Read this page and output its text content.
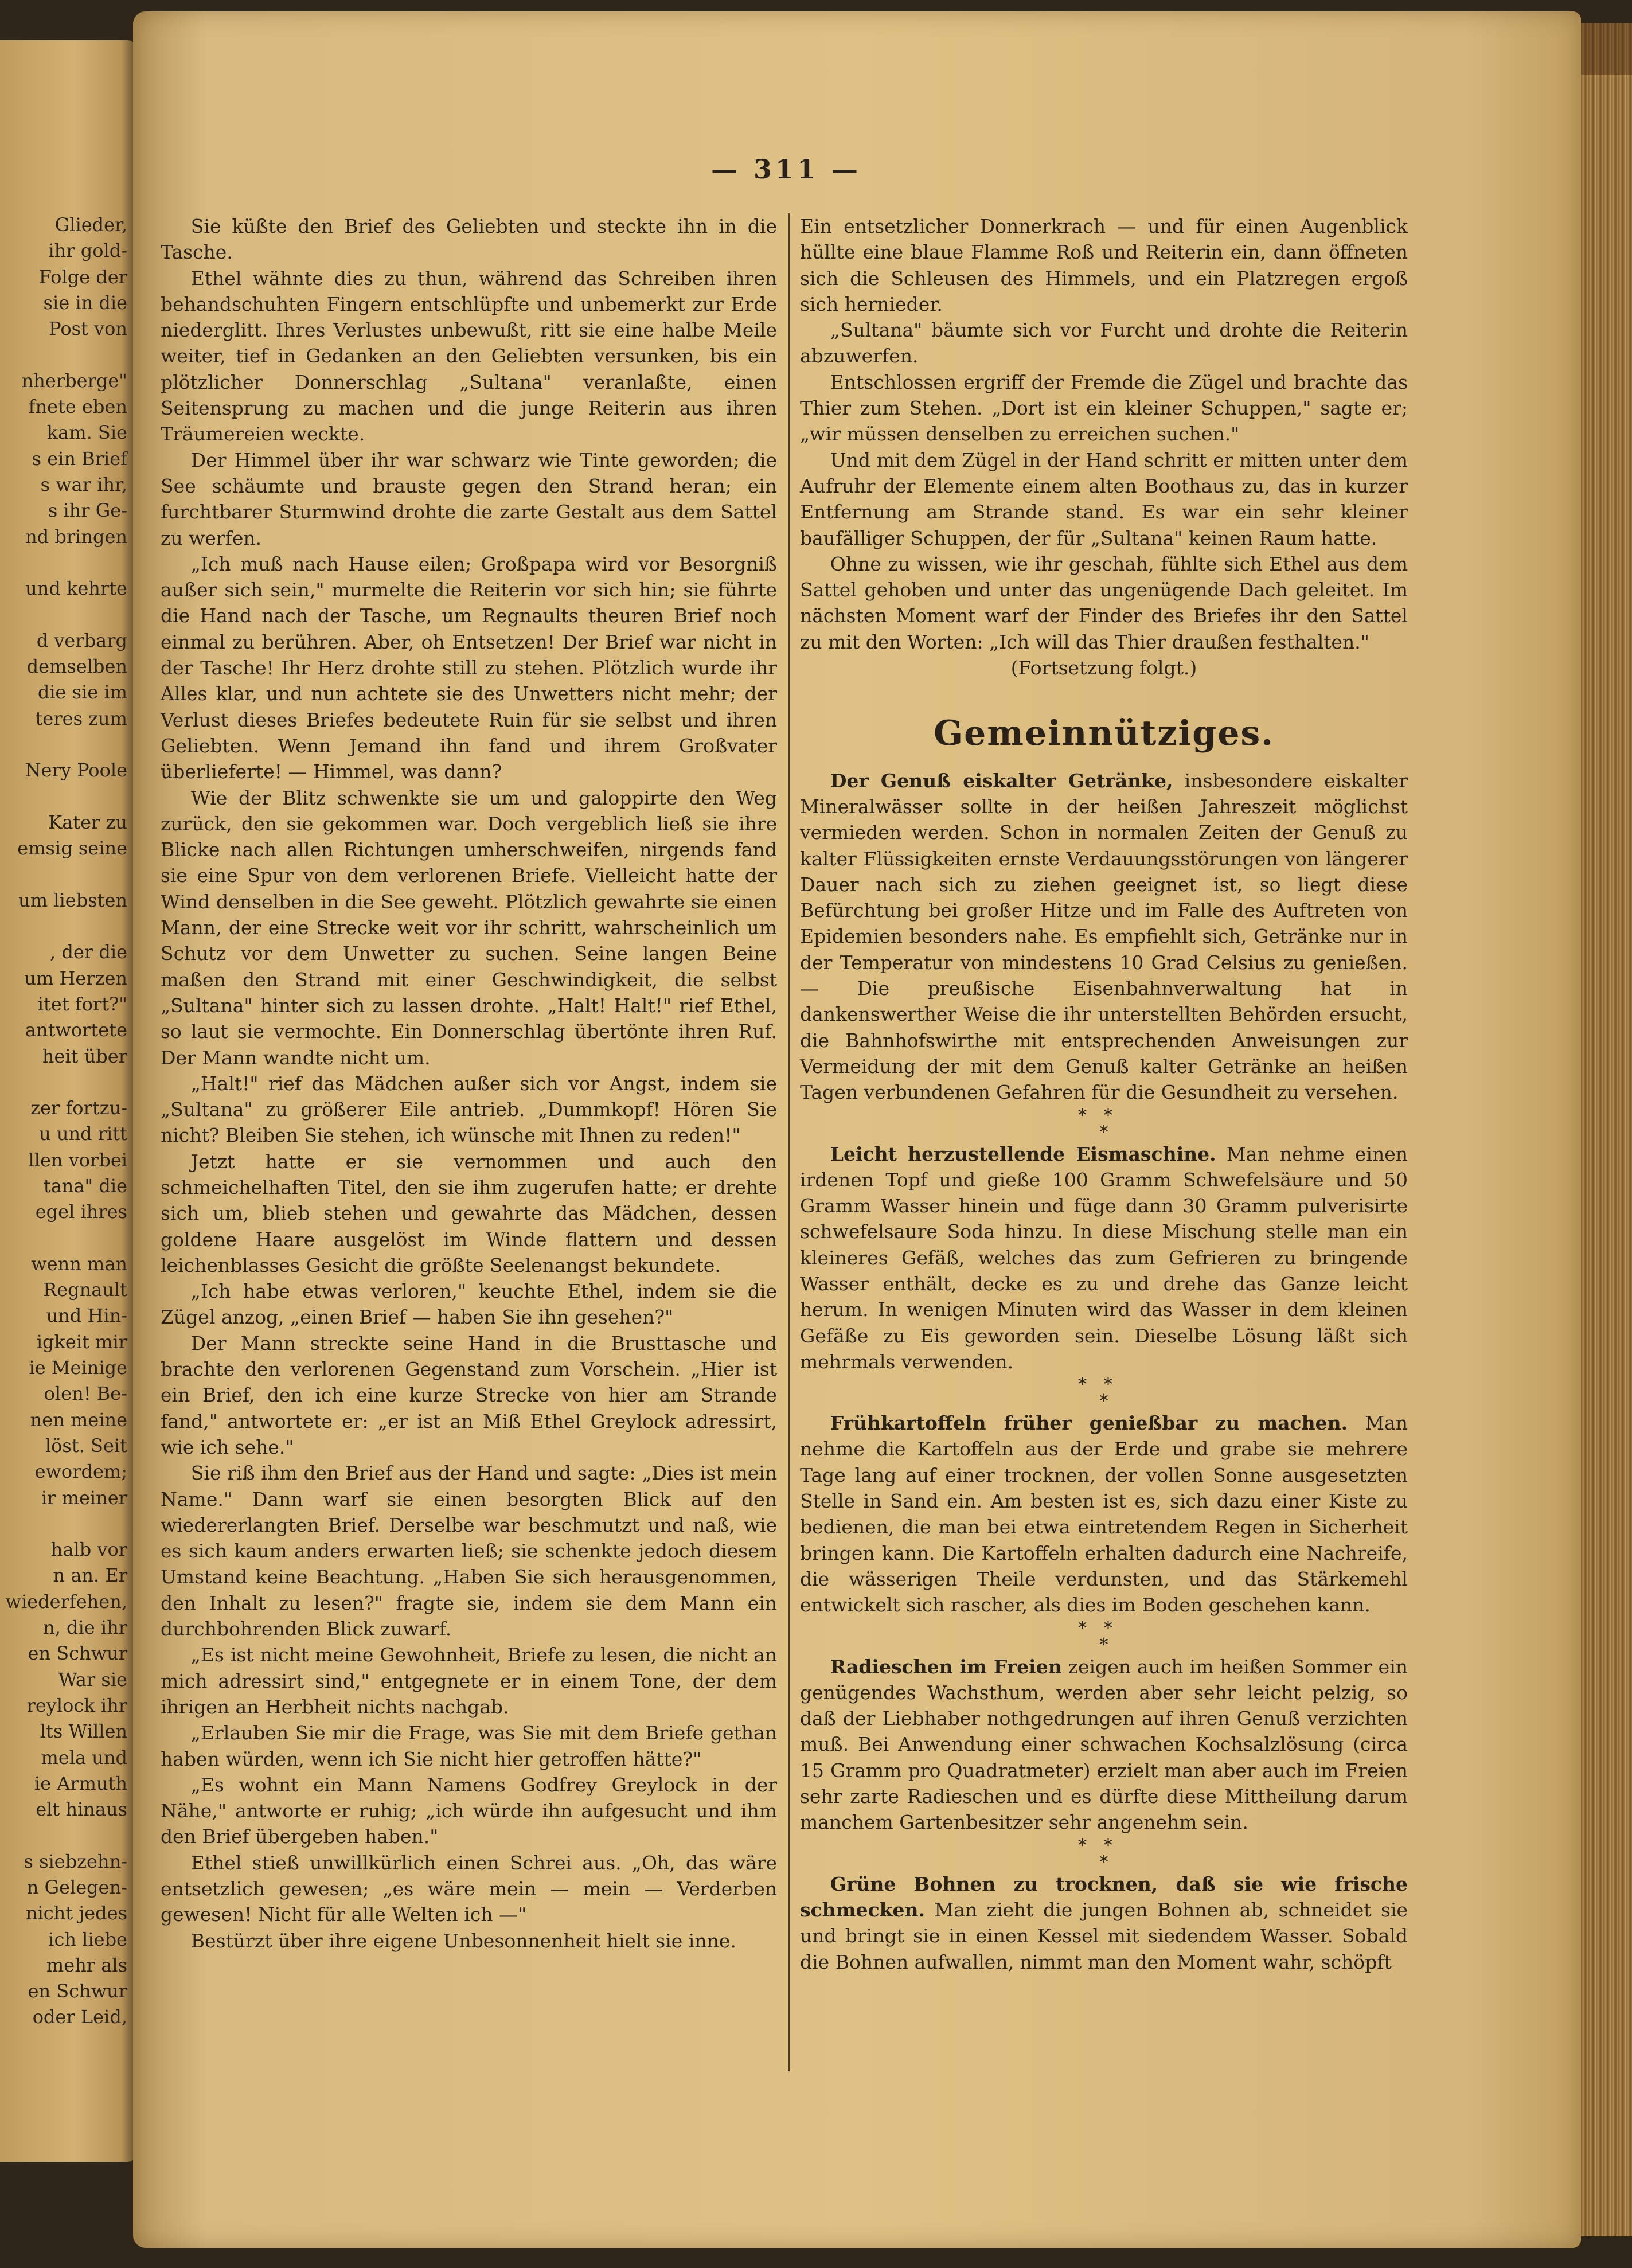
Glieder,
ihr gold-
Folge der
sie in die
Post von

nherberge"
fnete eben
kam. Sie
s ein Brief
s war ihr,
s ihr Ge-
nd bringen

und kehrte

d verbarg
demselben
die sie im
teres zum

Nery Poole

Kater zu
emsig seine

um liebsten

, der die
um Herzen
itet fort?"
antwortete
heit über

zer fortzu-
u und ritt
llen vorbei
tana" die
egel ihres

wenn man
Regnault
und Hin-
igkeit mir
ie Meinige
olen! Be-
nen meine
löst. Seit
ewordem;
ir meiner

halb vor
n an. Er
wiederfehen,
n, die ihr
en Schwur
War sie
reylock ihr
lts Willen
mela und
ie Armuth
elt hinaus

s siebzehn-
n Gelegen-
nicht jedes
ich liebe
mehr als
en Schwur
oder Leid,
— 311 —

Sie küßte den Brief des Geliebten und steckte ihn in die Tasche.

Ethel wähnte dies zu thun, während das Schreiben ihren behandschuhten Fingern entschlüpfte und unbemerkt zur Erde niederglitt. Ihres Verlustes unbewußt, ritt sie eine halbe Meile weiter, tief in Gedanken an den Geliebten versunken, bis ein plötzlicher Donnerschlag „Sultana" veranlaßte, einen Seitensprung zu machen und die junge Reiterin aus ihren Träumereien weckte.

Der Himmel über ihr war schwarz wie Tinte geworden; die See schäumte und brauste gegen den Strand heran; ein furchtbarer Sturmwind drohte die zarte Gestalt aus dem Sattel zu werfen.

„Ich muß nach Hause eilen; Großpapa wird vor Besorgniß außer sich sein," murmelte die Reiterin vor sich hin; sie führte die Hand nach der Tasche, um Regnaults theuren Brief noch einmal zu berühren. Aber, oh Entsetzen! Der Brief war nicht in der Tasche! Ihr Herz drohte still zu stehen. Plötzlich wurde ihr Alles klar, und nun achtete sie des Unwetters nicht mehr; der Verlust dieses Briefes bedeutete Ruin für sie selbst und ihren Geliebten. Wenn Jemand ihn fand und ihrem Großvater überlieferte! — Himmel, was dann?

Wie der Blitz schwenkte sie um und galoppirte den Weg zurück, den sie gekommen war. Doch vergeblich ließ sie ihre Blicke nach allen Richtungen umherschweifen, nirgends fand sie eine Spur von dem verlorenen Briefe. Vielleicht hatte der Wind denselben in die See geweht. Plötzlich gewahrte sie einen Mann, der eine Strecke weit vor ihr schritt, wahrscheinlich um Schutz vor dem Unwetter zu suchen. Seine langen Beine maßen den Strand mit einer Geschwindigkeit, die selbst „Sultana" hinter sich zu lassen drohte. „Halt! Halt!" rief Ethel, so laut sie vermochte. Ein Donnerschlag übertönte ihren Ruf. Der Mann wandte nicht um.

„Halt!" rief das Mädchen außer sich vor Angst, indem sie „Sultana" zu größerer Eile antrieb. „Dummkopf! Hören Sie nicht? Bleiben Sie stehen, ich wünsche mit Ihnen zu reden!"

Jetzt hatte er sie vernommen und auch den schmeichelhaften Titel, den sie ihm zugerufen hatte; er drehte sich um, blieb stehen und gewahrte das Mädchen, dessen goldene Haare ausgelöst im Winde flattern und dessen leichenblasses Gesicht die größte Seelenangst bekundete.

„Ich habe etwas verloren," keuchte Ethel, indem sie die Zügel anzog, „einen Brief — haben Sie ihn gesehen?"

Der Mann streckte seine Hand in die Brusttasche und brachte den verlorenen Gegenstand zum Vorschein. „Hier ist ein Brief, den ich eine kurze Strecke von hier am Strande fand," antwortete er: „er ist an Miß Ethel Greylock adressirt, wie ich sehe."

Sie riß ihm den Brief aus der Hand und sagte: „Dies ist mein Name." Dann warf sie einen besorgten Blick auf den wiedererlangten Brief. Derselbe war beschmutzt und naß, wie es sich kaum anders erwarten ließ; sie schenkte jedoch diesem Umstand keine Beachtung. „Haben Sie sich herausgenommen, den Inhalt zu lesen?" fragte sie, indem sie dem Mann ein durchbohrenden Blick zuwarf.

„Es ist nicht meine Gewohnheit, Briefe zu lesen, die nicht an mich adressirt sind," entgegnete er in einem Tone, der dem ihrigen an Herbheit nichts nachgab.

„Erlauben Sie mir die Frage, was Sie mit dem Briefe gethan haben würden, wenn ich Sie nicht hier getroffen hätte?"

„Es wohnt ein Mann Namens Godfrey Greylock in der Nähe," antworte er ruhig; „ich würde ihn aufgesucht und ihm den Brief übergeben haben."

Ethel stieß unwillkürlich einen Schrei aus. „Oh, das wäre entsetzlich gewesen; „es wäre mein — mein — Verderben gewesen! Nicht für alle Welten ich —"

Bestürzt über ihre eigene Unbesonnenheit hielt sie inne.

Ein entsetzlicher Donnerkrach — und für einen Augenblick hüllte eine blaue Flamme Roß und Reiterin ein, dann öffneten sich die Schleusen des Himmels, und ein Platzregen ergoß sich hernieder.

„Sultana" bäumte sich vor Furcht und drohte die Reiterin abzuwerfen.

Entschlossen ergriff der Fremde die Zügel und brachte das Thier zum Stehen. „Dort ist ein kleiner Schuppen," sagte er; „wir müssen denselben zu erreichen suchen."

Und mit dem Zügel in der Hand schritt er mitten unter dem Aufruhr der Elemente einem alten Boothaus zu, das in kurzer Entfernung am Strande stand. Es war ein sehr kleiner baufälliger Schuppen, der für „Sultana" keinen Raum hatte.

Ohne zu wissen, wie ihr geschah, fühlte sich Ethel aus dem Sattel gehoben und unter das ungenügende Dach geleitet. Im nächsten Moment warf der Finder des Briefes ihr den Sattel zu mit den Worten: „Ich will das Thier draußen festhalten."

(Fortsetzung folgt.)

Gemeinnütziges.

Der Genuß eiskalter Getränke, insbesondere eiskalter Mineralwässer sollte in der heißen Jahreszeit möglichst vermieden werden. Schon in normalen Zeiten der Genuß zu kalter Flüssigkeiten ernste Verdauungsstörungen von längerer Dauer nach sich zu ziehen geeignet ist, so liegt diese Befürchtung bei großer Hitze und im Falle des Auftreten von Epidemien besonders nahe. Es empfiehlt sich, Getränke nur in der Temperatur von mindestens 10 Grad Celsius zu genießen. — Die preußische Eisenbahnverwaltung hat in dankenswerther Weise die ihr unterstellten Behörden ersucht, die Bahnhofswirthe mit entsprechenden Anweisungen zur Vermeidung der mit dem Genuß kalter Getränke an heißen Tagen verbundenen Gefahren für die Gesundheit zu versehen.

**
*

Leicht herzustellende Eismaschine. Man nehme einen irdenen Topf und gieße 100 Gramm Schwefelsäure und 50 Gramm Wasser hinein und füge dann 30 Gramm pulverisirte schwefelsaure Soda hinzu. In diese Mischung stelle man ein kleineres Gefäß, welches das zum Gefrieren zu bringende Wasser enthält, decke es zu und drehe das Ganze leicht herum. In wenigen Minuten wird das Wasser in dem kleinen Gefäße zu Eis geworden sein. Dieselbe Lösung läßt sich mehrmals verwenden.

**
*

Frühkartoffeln früher genießbar zu machen. Man nehme die Kartoffeln aus der Erde und grabe sie mehrere Tage lang auf einer trocknen, der vollen Sonne ausgesetzten Stelle in Sand ein. Am besten ist es, sich dazu einer Kiste zu bedienen, die man bei etwa eintretendem Regen in Sicherheit bringen kann. Die Kartoffeln erhalten dadurch eine Nachreife, die wässerigen Theile verdunsten, und das Stärkemehl entwickelt sich rascher, als dies im Boden geschehen kann.

**
*

Radieschen im Freien zeigen auch im heißen Sommer ein genügendes Wachsthum, werden aber sehr leicht pelzig, so daß der Liebhaber nothgedrungen auf ihren Genuß verzichten muß. Bei Anwendung einer schwachen Kochsalzlösung (circa 15 Gramm pro Quadratmeter) erzielt man aber auch im Freien sehr zarte Radieschen und es dürfte diese Mittheilung darum manchem Gartenbesitzer sehr angenehm sein.

**
*

Grüne Bohnen zu trocknen, daß sie wie frische schmecken. Man zieht die jungen Bohnen ab, schneidet sie und bringt sie in einen Kessel mit siedendem Wasser. Sobald die Bohnen aufwallen, nimmt man den Moment wahr, schöpft
